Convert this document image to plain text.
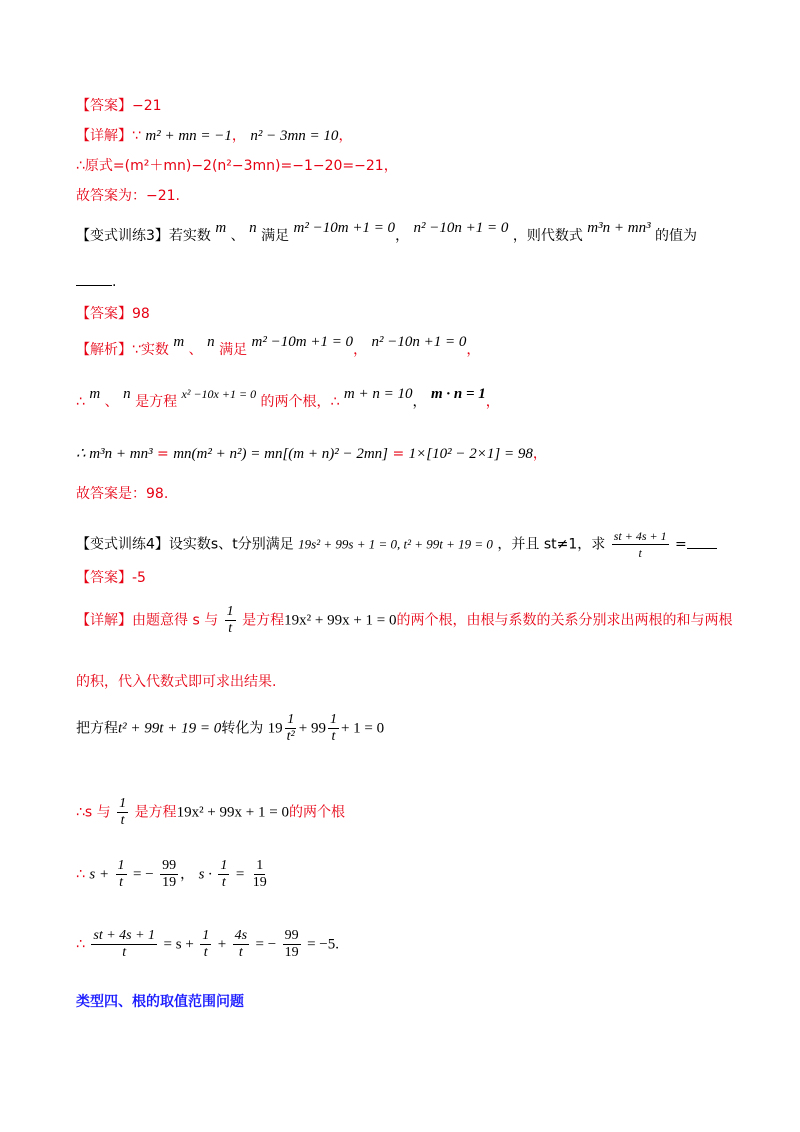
【答案】−21
【详解】∵ m² + mn = −1， n² − 3mn = 10，
∴原式=(m²＋mn)−2(n²−3mn)=−1−20=−21，
故答案为：−21.
【变式训练3】若实数 m 、 n 满足 m² −10m +1 = 0， n² −10n +1 = 0 ，则代数式 m³n + mn³ 的值为
.
【答案】98
【解析】∵实数 m 、 n 满足 m² −10m +1 = 0， n² −10n +1 = 0，
∴ m 、 n 是方程 x² −10x +1 = 0 的两个根，∴ m + n = 10， m · n = 1，
∴ m³n + mn³ = mn(m² + n²) = mn[(m + n)² − 2mn] = 1×[10² − 2×1] = 98，
故答案是：98.
【变式训练4】设实数s、t分别满足 19s² + 99s + 1 = 0, t² + 99t + 19 = 0 ，并且 st≠1，求 $\frac{st + 4s + 1}{t}$ =
【答案】-5
【详解】由题意得 s 与 $\frac{1}{t}$ 是方程19x² + 99x + 1 = 0的两个根，由根与系数的关系分别求出两根的和与两根
的积，代入代数式即可求出结果.
把方程t² + 99t + 19 = 0转化为 $19 \frac{1}{\text{t²}} + 99 \frac{1}{t} + 1 = 0$
∴s 与 $\frac{1}{t}$ 是方程19x² + 99x + 1 = 0的两个根
∴ $s + \frac{1}{t}$ = − $\frac{99}{19}$ ， $s \cdot \frac{1}{t} = \frac{1}{19}$
∴ $\frac{st + 4s + 1}{t} = s + \frac{1}{t} + \frac{4s}{t}$ = − $\frac{99}{19} = -5$.
类型四、根的取值范围问题
